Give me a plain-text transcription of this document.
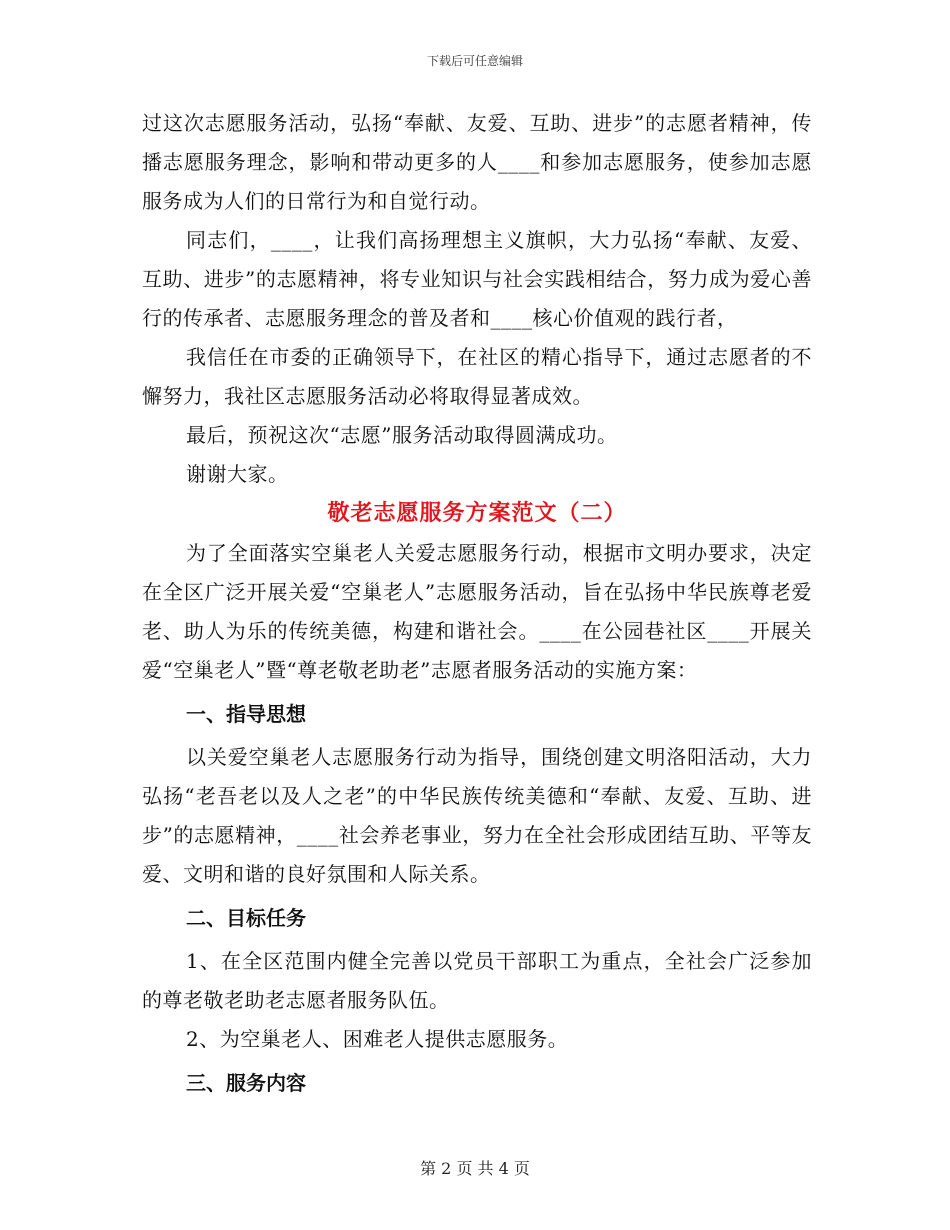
下载后可任意编辑

过这次志愿服务活动，弘扬“奉献、友爱、互助、进步”的志愿者精神，传播志愿服务理念，影响和带动更多的人____和参加志愿服务，使参加志愿服务成为人们的日常行为和自觉行动。

同志们，____，让我们高扬理想主义旗帜，大力弘扬“奉献、友爱、互助、进步”的志愿精神，将专业知识与社会实践相结合，努力成为爱心善行的传承者、志愿服务理念的普及者和____核心价值观的践行者，

我信任在市委的正确领导下，在社区的精心指导下，通过志愿者的不懈努力，我社区志愿服务活动必将取得显著成效。

最后，预祝这次“志愿”服务活动取得圆满成功。

谢谢大家。

敬老志愿服务方案范文（二）

为了全面落实空巢老人关爱志愿服务行动，根据市文明办要求，决定在全区广泛开展关爱“空巢老人”志愿服务活动，旨在弘扬中华民族尊老爱老、助人为乐的传统美德，构建和谐社会。____在公园巷社区____开展关爱“空巢老人”暨“尊老敬老助老”志愿者服务活动的实施方案：

一、指导思想

以关爱空巢老人志愿服务行动为指导，围绕创建文明洛阳活动，大力弘扬“老吾老以及人之老”的中华民族传统美德和“奉献、友爱、互助、进步”的志愿精神，____社会养老事业，努力在全社会形成团结互助、平等友爱、文明和谐的良好氛围和人际关系。

二、目标任务

1、在全区范围内健全完善以党员干部职工为重点，全社会广泛参加的尊老敬老助老志愿者服务队伍。

2、为空巢老人、困难老人提供志愿服务。

三、服务内容
第 2 页 共 4 页
